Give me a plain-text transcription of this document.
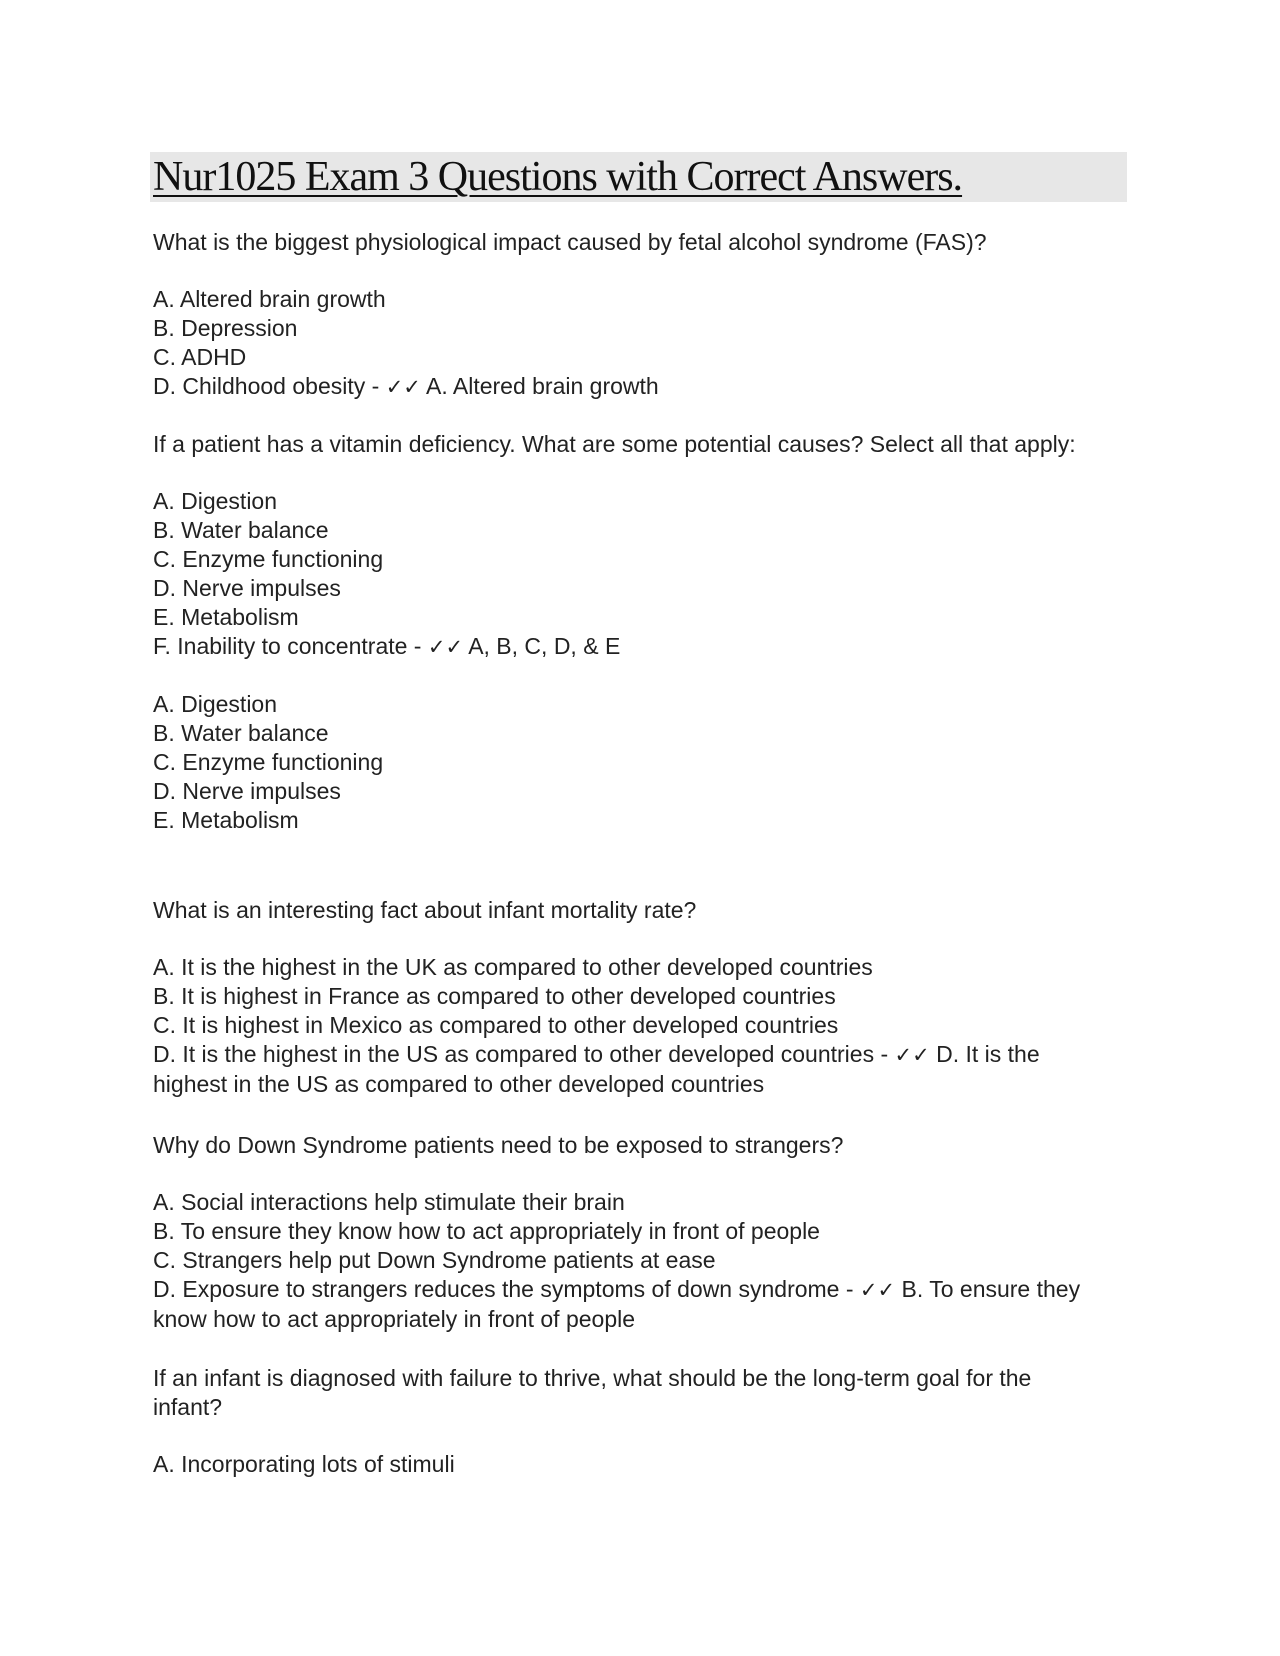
Nur1025 Exam 3 Questions with Correct Answers.
What is the biggest physiological impact caused by fetal alcohol syndrome (FAS)?
A. Altered brain growth
B. Depression
C. ADHD
D. Childhood obesity - ✓✓ A. Altered brain growth
If a patient has a vitamin deficiency. What are some potential causes? Select all that apply:
A. Digestion
B. Water balance
C. Enzyme functioning
D. Nerve impulses
E. Metabolism
F. Inability to concentrate - ✓✓ A, B, C, D, & E
A. Digestion
B. Water balance
C. Enzyme functioning
D. Nerve impulses
E. Metabolism
What is an interesting fact about infant mortality rate?
A. It is the highest in the UK as compared to other developed countries
B. It is highest in France as compared to other developed countries
C. It is highest in Mexico as compared to other developed countries
D. It is the highest in the US as compared to other developed countries - ✓✓ D. It is the highest in the US as compared to other developed countries
Why do Down Syndrome patients need to be exposed to strangers?
A. Social interactions help stimulate their brain
B. To ensure they know how to act appropriately in front of people
C. Strangers help put Down Syndrome patients at ease
D. Exposure to strangers reduces the symptoms of down syndrome - ✓✓ B. To ensure they know how to act appropriately in front of people
If an infant is diagnosed with failure to thrive, what should be the long-term goal for the infant?
A. Incorporating lots of stimuli
